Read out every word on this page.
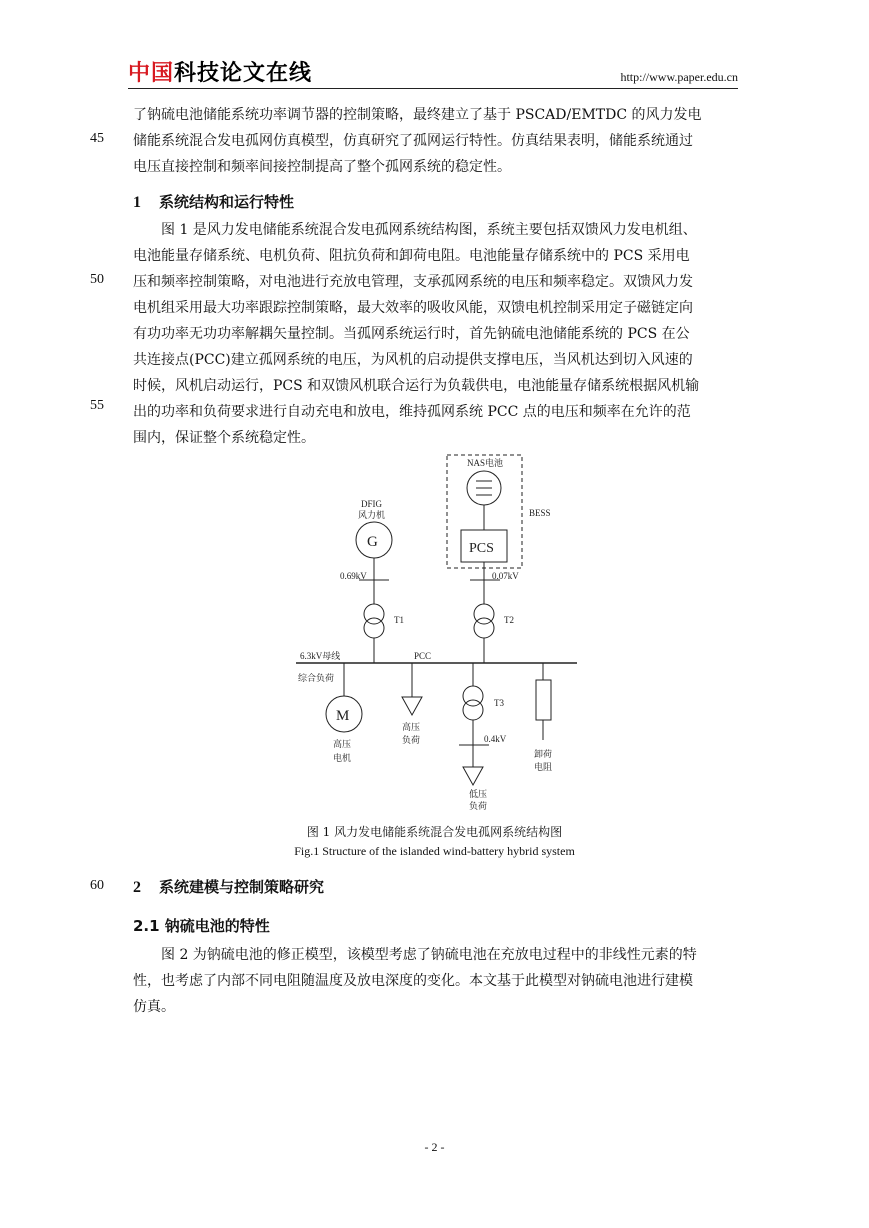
中国科技论文在线	http://www.paper.edu.cn
45
50
55
60
了钠硫电池储能系统功率调节器的控制策略，最终建立了基于 PSCAD/EMTDC 的风力发电
储能系统混合发电孤网仿真模型，仿真研究了孤网运行特性。仿真结果表明，储能系统通过
电压直接控制和频率间接控制提高了整个孤网系统的稳定性。
1 系统结构和运行特性
图 1 是风力发电储能系统混合发电孤网系统结构图，系统主要包括双馈风力发电机组、
电池能量存储系统、电机负荷、阻抗负荷和卸荷电阻。电池能量存储系统中的 PCS 采用电
压和频率控制策略，对电池进行充放电管理，支承孤网系统的电压和频率稳定。双馈风力发
电机组采用最大功率跟踪控制策略，最大效率的吸收风能，双馈电机控制采用定子磁链定向
有功功率无功功率解耦矢量控制。当孤网系统运行时，首先钠硫电池储能系统的 PCS 在公
共连接点(PCC)建立孤网系统的电压，为风机的启动提供支撑电压，当风机达到切入风速的
时候，风机启动运行，PCS 和双馈风机联合运行为负载供电，电池能量存储系统根据风机输
出的功率和负荷要求进行自动充电和放电，维持孤网系统 PCC 点的电压和频率在允许的范
围内，保证整个系统稳定性。
NAS电池
BESS
DFIG
风力机
0.69kV	0.07kV
T1	T2
6.3kV母线	PCC
综合负荷
高压
电机
高压
负荷
T3
0.4kV
低压
负荷
卸荷
电阻
G	PCS
M
图 1 风力发电储能系统混合发电孤网系统结构图
Fig.1 Structure of the islanded wind-battery hybrid system
2 系统建模与控制策略研究
2.1 钠硫电池的特性
图 2 为钠硫电池的修正模型，该模型考虑了钠硫电池在充放电过程中的非线性元素的特
性，也考虑了内部不同电阻随温度及放电深度的变化。本文基于此模型对钠硫电池进行建模
仿真。
- 2 -
